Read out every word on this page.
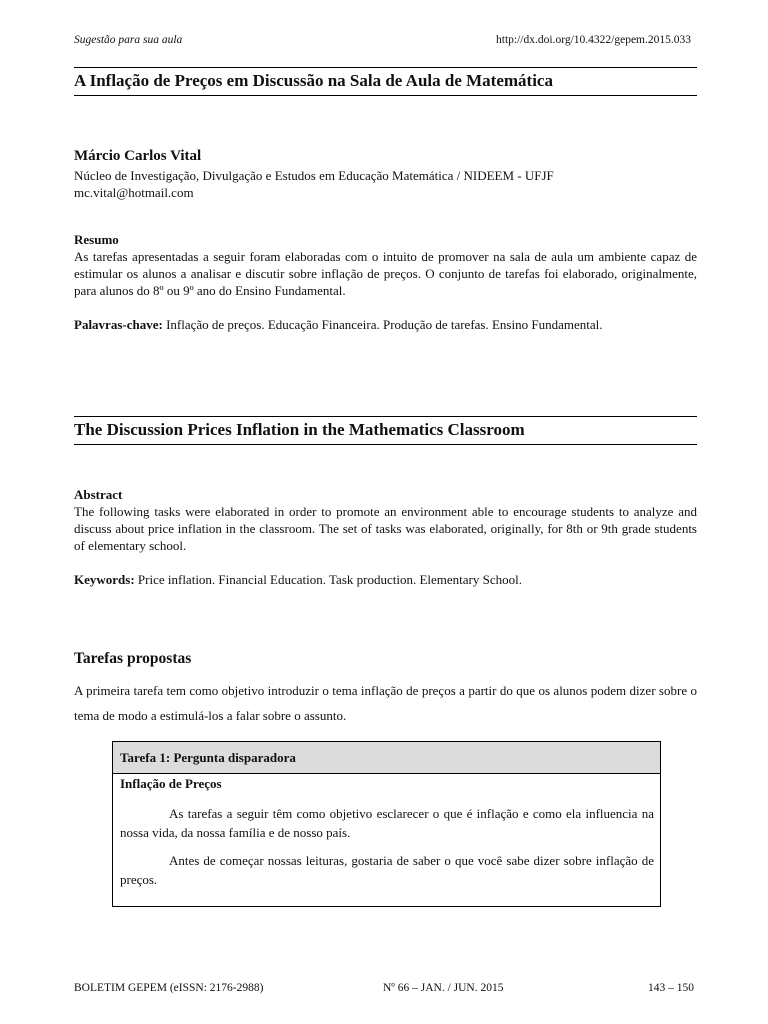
Sugestão para sua aula	http://dx.doi.org/10.4322/gepem.2015.033
A Inflação de Preços em Discussão na Sala de Aula de Matemática
Márcio Carlos Vital
Núcleo de Investigação, Divulgação e Estudos em Educação Matemática / NIDEEM - UFJF
mc.vital@hotmail.com
Resumo
As tarefas apresentadas a seguir foram elaboradas com o intuito de promover na sala de aula um ambiente capaz de estimular os alunos a analisar e discutir sobre inflação de preços. O conjunto de tarefas foi elaborado, originalmente, para alunos do 8º ou 9º ano do Ensino Fundamental.
Palavras-chave: Inflação de preços. Educação Financeira. Produção de tarefas. Ensino Fundamental.
The Discussion Prices Inflation in the Mathematics Classroom
Abstract
The following tasks were elaborated in order to promote an environment able to encourage students to analyze and discuss about price inflation in the classroom. The set of tasks was elaborated, originally, for 8th or 9th grade students of elementary school.
Keywords: Price inflation. Financial Education. Task production. Elementary School.
Tarefas propostas
A primeira tarefa tem como objetivo introduzir o tema inflação de preços a partir do que os alunos podem dizer sobre o tema de modo a estimulá-los a falar sobre o assunto.
Tarefa 1: Pergunta disparadora
Inflação de Preços
As tarefas a seguir têm como objetivo esclarecer o que é inflação e como ela influencia na nossa vida, da nossa família e de nosso país.
Antes de começar nossas leituras, gostaria de saber o que você sabe dizer sobre inflação de preços.
BOLETIM GEPEM (eISSN: 2176-2988)	Nº 66 – JAN. / JUN. 2015	143 – 150
